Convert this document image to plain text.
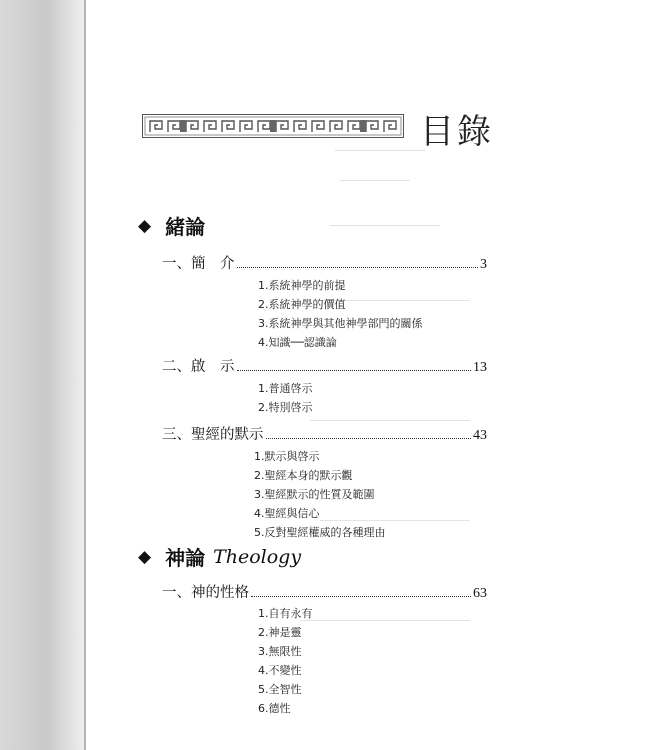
目錄
◆ 緒論
一、簡　介	3
1.系統神學的前提
2.系統神學的價值
3.系統神學與其他神學部門的關係
4.知識──認識論
二、啟　示	13
1.普通啓示
2.特別啓示
三、聖經的默示	43
1.默示與啓示
2.聖經本身的默示觀
3.聖經默示的性質及範圍
4.聖經與信心
5.反對聖經權威的各種理由
◆ 神論 Theology
一、神的性格	63
1.自有永有
2.神是靈
3.無限性
4.不變性
5.全智性
6.德性
